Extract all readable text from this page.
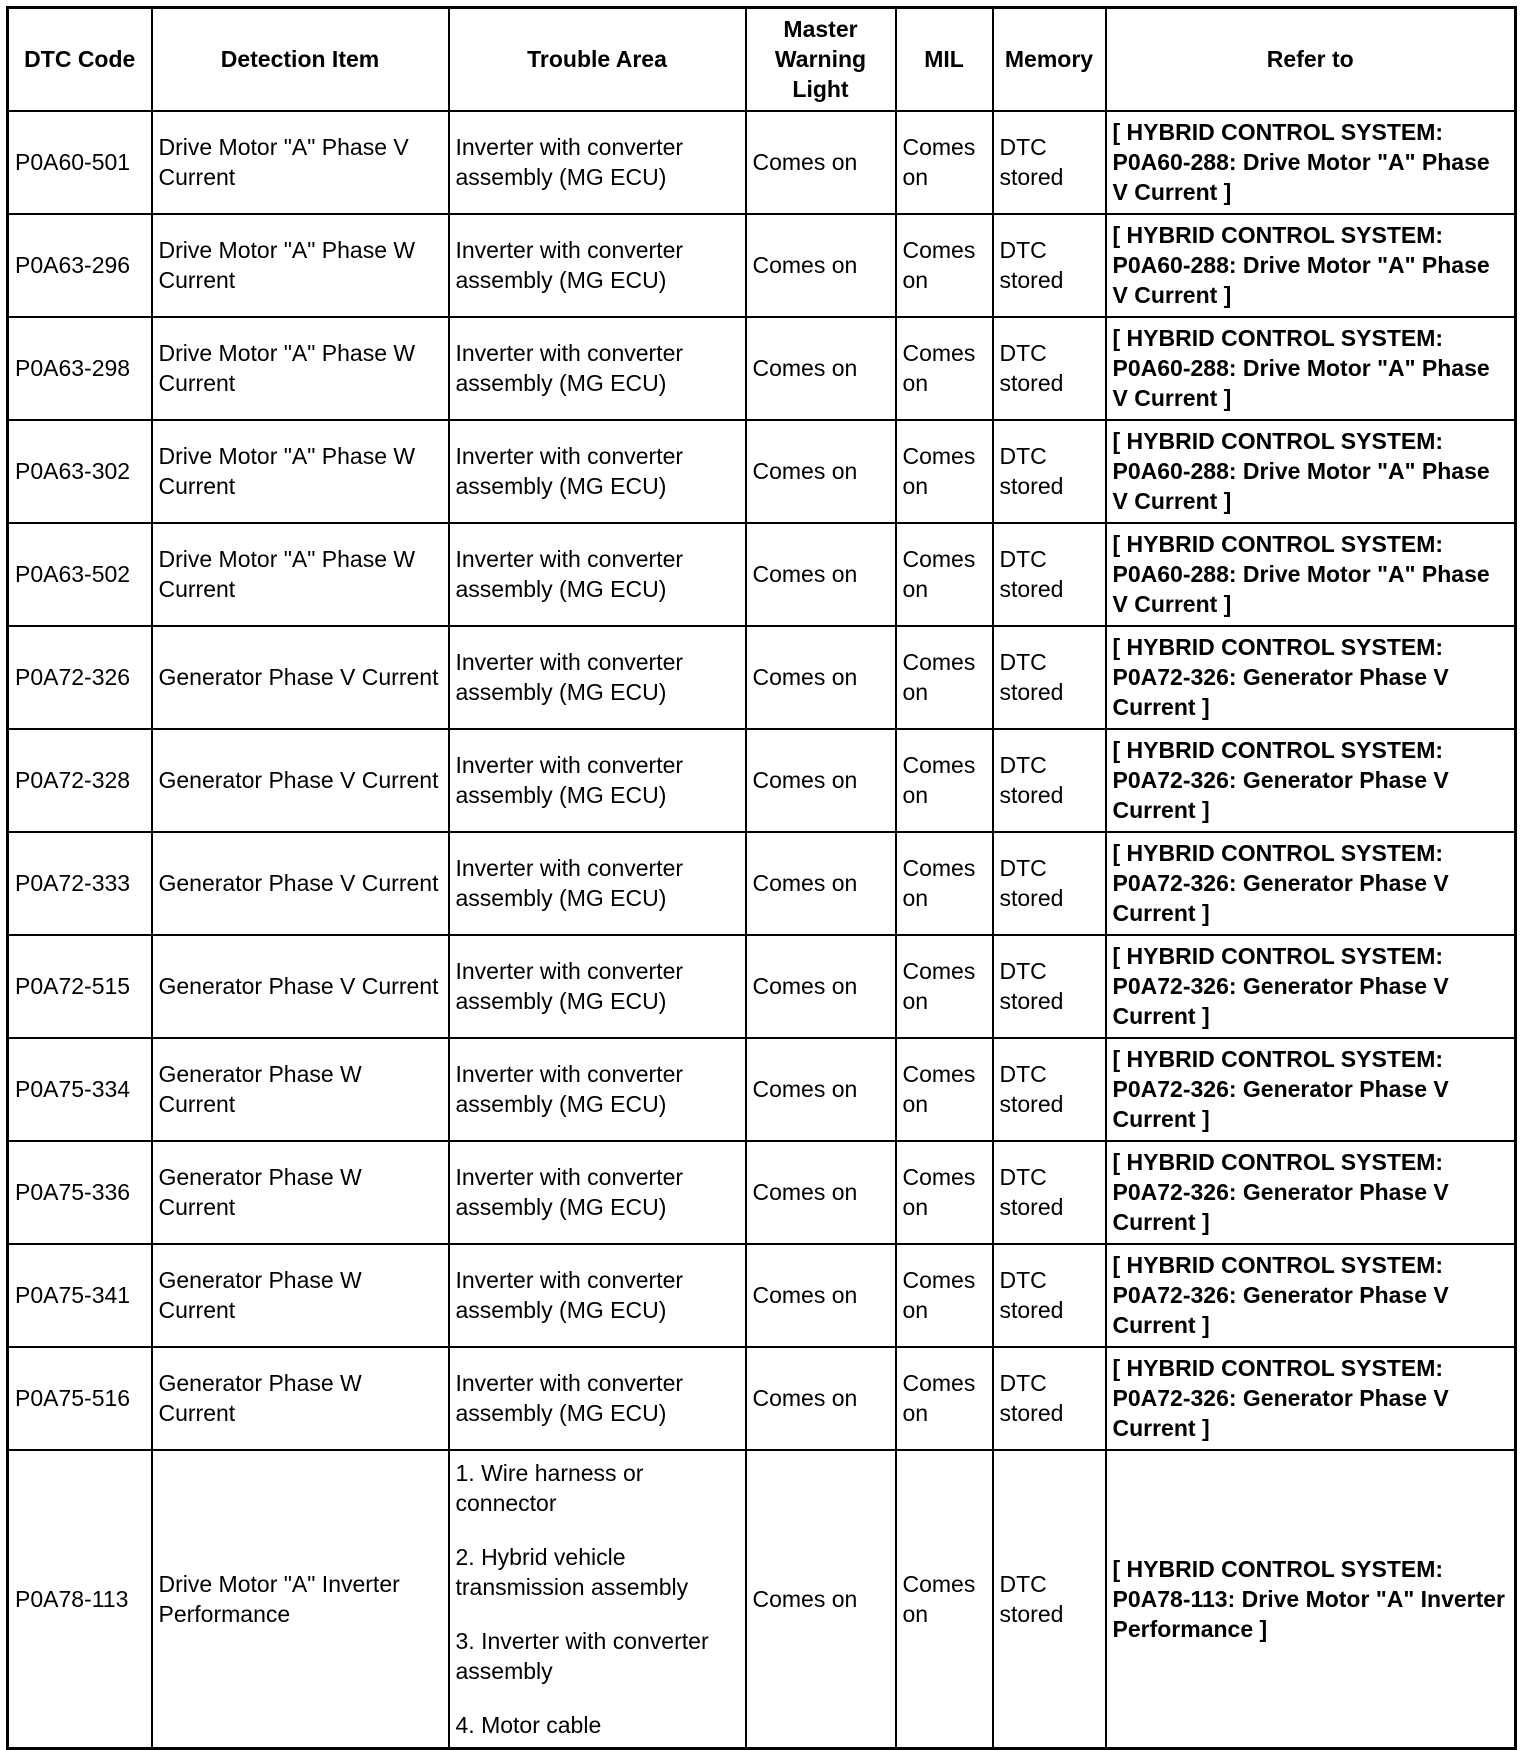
DTC Code	Detection Item	Trouble Area	Master Warning Light	MIL	Memory	Refer to
P0A60-501	Drive Motor "A" Phase V Current	Inverter with converter assembly (MG ECU)	Comes on	Comes on	DTC stored	[ HYBRID CONTROL SYSTEM: P0A60-288: Drive Motor "A" Phase V Current ]
P0A63-296	Drive Motor "A" Phase W Current	Inverter with converter assembly (MG ECU)	Comes on	Comes on	DTC stored	[ HYBRID CONTROL SYSTEM: P0A60-288: Drive Motor "A" Phase V Current ]
P0A63-298	Drive Motor "A" Phase W Current	Inverter with converter assembly (MG ECU)	Comes on	Comes on	DTC stored	[ HYBRID CONTROL SYSTEM: P0A60-288: Drive Motor "A" Phase V Current ]
P0A63-302	Drive Motor "A" Phase W Current	Inverter with converter assembly (MG ECU)	Comes on	Comes on	DTC stored	[ HYBRID CONTROL SYSTEM: P0A60-288: Drive Motor "A" Phase V Current ]
P0A63-502	Drive Motor "A" Phase W Current	Inverter with converter assembly (MG ECU)	Comes on	Comes on	DTC stored	[ HYBRID CONTROL SYSTEM: P0A60-288: Drive Motor "A" Phase V Current ]
P0A72-326	Generator Phase V Current	Inverter with converter assembly (MG ECU)	Comes on	Comes on	DTC stored	[ HYBRID CONTROL SYSTEM: P0A72-326: Generator Phase V Current ]
P0A72-328	Generator Phase V Current	Inverter with converter assembly (MG ECU)	Comes on	Comes on	DTC stored	[ HYBRID CONTROL SYSTEM: P0A72-326: Generator Phase V Current ]
P0A72-333	Generator Phase V Current	Inverter with converter assembly (MG ECU)	Comes on	Comes on	DTC stored	[ HYBRID CONTROL SYSTEM: P0A72-326: Generator Phase V Current ]
P0A72-515	Generator Phase V Current	Inverter with converter assembly (MG ECU)	Comes on	Comes on	DTC stored	[ HYBRID CONTROL SYSTEM: P0A72-326: Generator Phase V Current ]
P0A75-334	Generator Phase W Current	Inverter with converter assembly (MG ECU)	Comes on	Comes on	DTC stored	[ HYBRID CONTROL SYSTEM: P0A72-326: Generator Phase V Current ]
P0A75-336	Generator Phase W Current	Inverter with converter assembly (MG ECU)	Comes on	Comes on	DTC stored	[ HYBRID CONTROL SYSTEM: P0A72-326: Generator Phase V Current ]
P0A75-341	Generator Phase W Current	Inverter with converter assembly (MG ECU)	Comes on	Comes on	DTC stored	[ HYBRID CONTROL SYSTEM: P0A72-326: Generator Phase V Current ]
P0A75-516	Generator Phase W Current	Inverter with converter assembly (MG ECU)	Comes on	Comes on	DTC stored	[ HYBRID CONTROL SYSTEM: P0A72-326: Generator Phase V Current ]
P0A78-113	Drive Motor "A" Inverter Performance	1. Wire harness or connector

2. Hybrid vehicle transmission assembly

3. Inverter with converter assembly

4. Motor cable	Comes on	Comes on	DTC stored	[ HYBRID CONTROL SYSTEM: P0A78-113: Drive Motor "A" Inverter Performance ]
